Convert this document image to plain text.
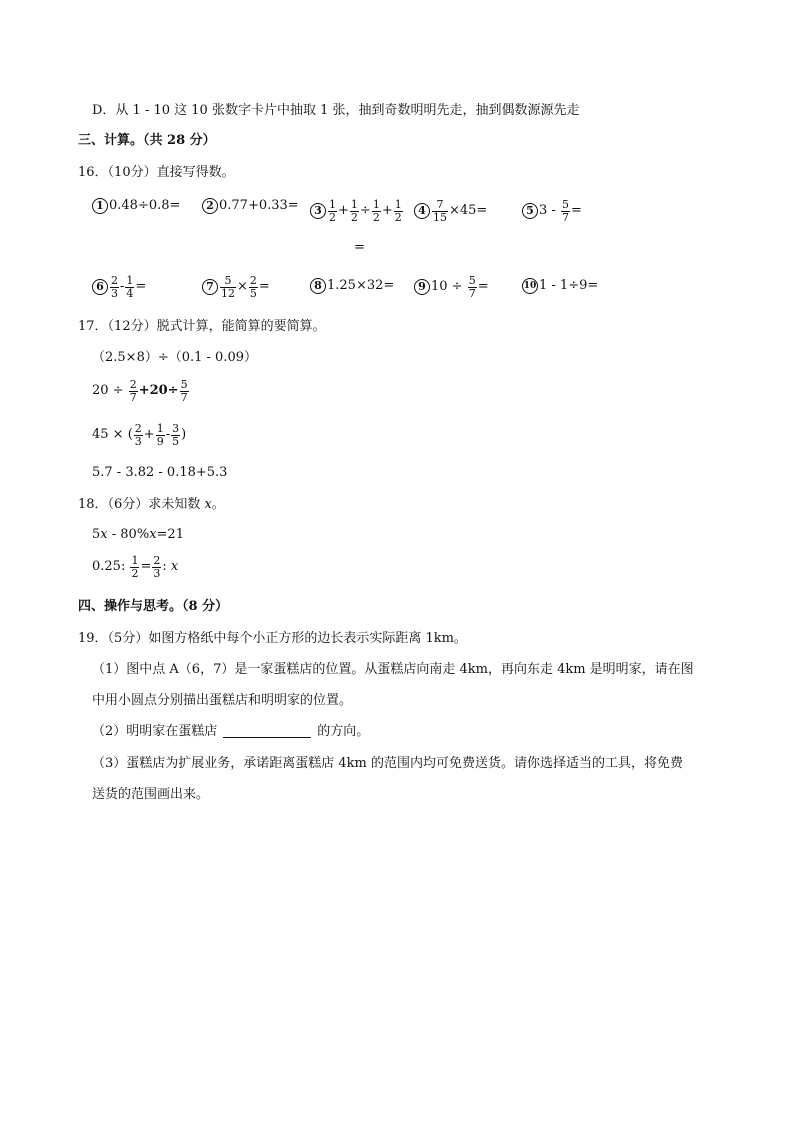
D．从 1 - 10 这 10 张数字卡片中抽取 1 张，抽到奇数明明先走，抽到偶数源源先走
三、计算。（共 28 分）
16．（10分）直接写得数。
1 0.48÷0.8=	2 0.77+0.33=	$3 \frac{1}{2} + \frac{1}{2} \div \frac{1}{2} + \frac{1}{2}$
=
$4 \frac{7}{15} \times 45=$	5 $3 - \frac{5}{7}$ =
$6 \frac{2}{3} - \frac{1}{4}$ =	$7 \frac{5}{12} \times \frac{2}{5}$ =	8 1.25×32=	9 $10 \div \frac{5}{7}$ =	10 1 - 1÷9=
17．（12分）脱式计算，能简算的要简算。
（2.5×8）÷（0.1 - 0.09）
$20 \div \frac{2}{7} +20\div \frac{5}{7}$
45 × ( $\frac{2}{3} + \frac{1}{9} - \frac{3}{5}$ )
5.7 - 3.82 - 0.18+5.3
18．（6分）求未知数 x。
5x - 80%x=21
0.25: $\frac{1}{2} = \frac{2}{3}$ : x
四、操作与思考。（8 分）
19．（5分）如图方格纸中每个小正方形的边长表示实际距离 1km。
（1）图中点 A（6，7）是一家蛋糕店的位置。从蛋糕店向南走 4km，再向东走 4km 是明明家，请在图
中用小圆点分别描出蛋糕店和明明家的位置。
（2）明明家在蛋糕店	的方向。
（3）蛋糕店为扩展业务，承诺距离蛋糕店 4km 的范围内均可免费送货。请你选择适当的工具，将免费
送货的范围画出来。
